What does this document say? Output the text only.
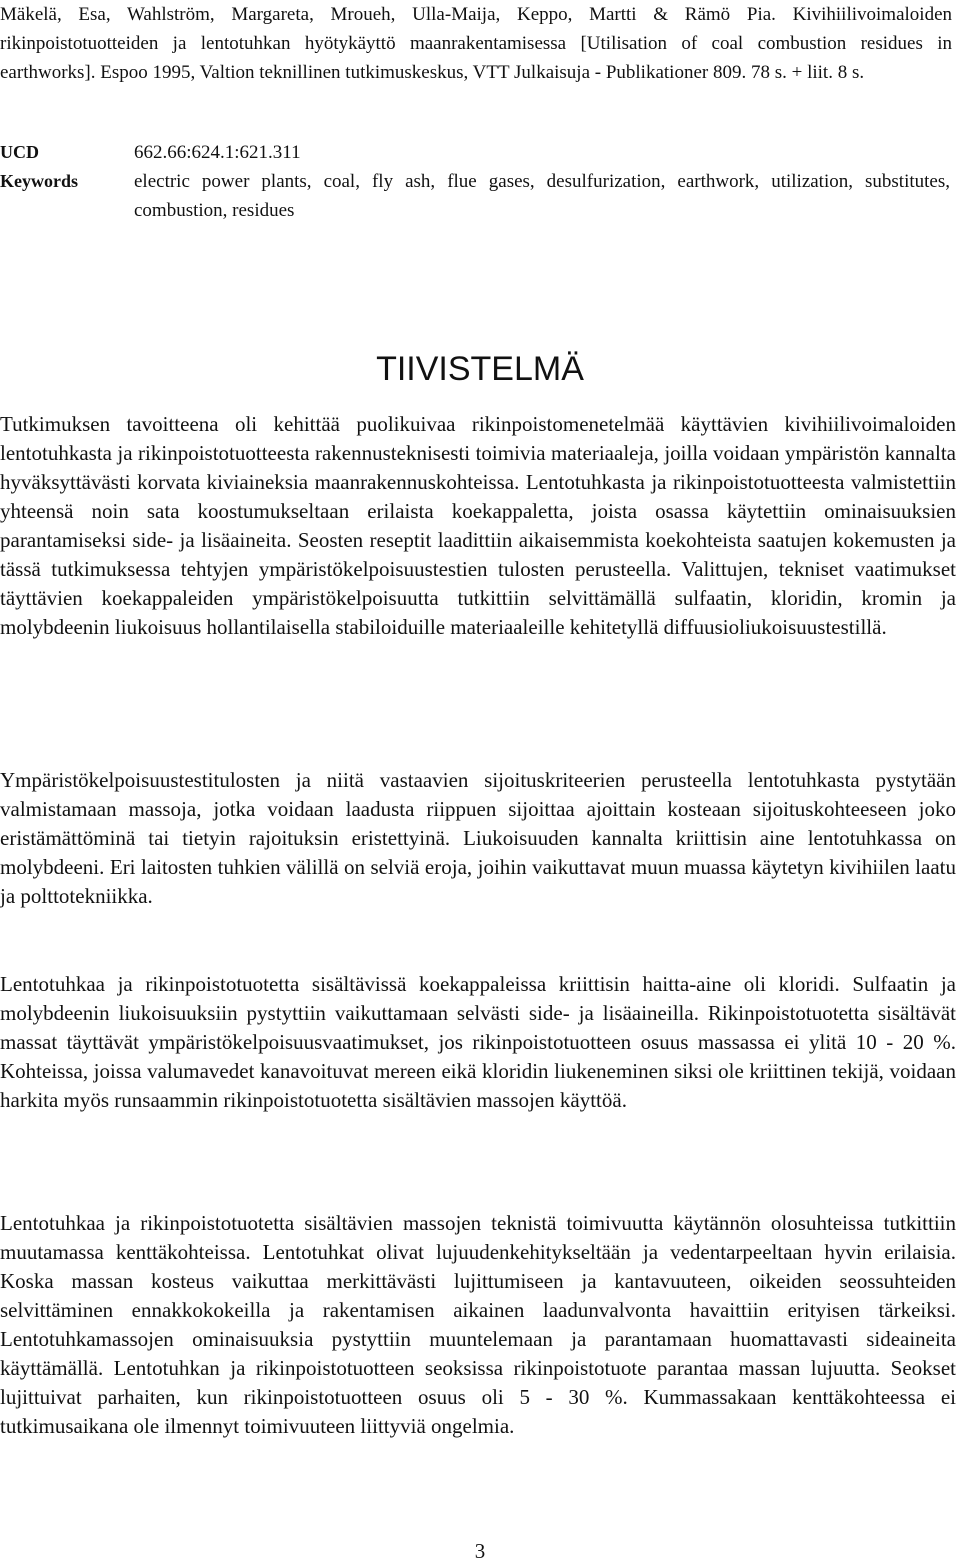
Mäkelä, Esa, Wahlström, Margareta, Mroueh, Ulla-Maija, Keppo, Martti & Rämö Pia. Kivihiilivoimaloiden rikinpoistotuotteiden ja lentotuhkan hyötykäyttö maanrakentamisessa [Utilisation of coal combustion residues in earthworks]. Espoo 1995, Valtion teknillinen tutkimuskeskus, VTT Julkaisuja - Publikationer 809. 78 s. + liit. 8 s.

UCD	662.66:624.1:621.311
Keywords	electric power plants, coal, fly ash, flue gases, desulfurization, earthwork, utilization, substitutes, combustion, residues
TIIVISTELMÄ

Tutkimuksen tavoitteena oli kehittää puolikuivaa rikinpoistomenetelmää käyttävien kivihiilivoimaloiden lentotuhkasta ja rikinpoistotuotteesta rakennusteknisesti toimivia materiaaleja, joilla voidaan ympäristön kannalta hyväksyttävästi korvata kiviaineksia maanrakennuskohteissa. Lentotuhkasta ja rikinpoistotuotteesta valmistettiin yhteensä noin sata koostumukseltaan erilaista koekappaletta, joista osassa käytettiin ominaisuuksien parantamiseksi side- ja lisäaineita. Seosten reseptit laadittiin aikaisemmista koekohteista saatujen kokemusten ja tässä tutkimuksessa tehtyjen ympäristökelpoisuustestien tulosten perusteella. Valittujen, tekniset vaatimukset täyttävien koekappaleiden ympäristökelpoisuutta tutkittiin selvittämällä sulfaatin, kloridin, kromin ja molybdeenin liukoisuus hollantilaisella stabiloiduille materiaaleille kehitetyllä diffuusioliukoisuustestillä.

Ympäristökelpoisuustestitulosten ja niitä vastaavien sijoituskriteerien perusteella lentotuhkasta pystytään valmistamaan massoja, jotka voidaan laadusta riippuen sijoittaa ajoittain kosteaan sijoituskohteeseen joko eristämättöminä tai tietyin rajoituksin eristettyinä. Liukoisuuden kannalta kriittisin aine lentotuhkassa on molybdeeni. Eri laitosten tuhkien välillä on selviä eroja, joihin vaikuttavat muun muassa käytetyn kivihiilen laatu ja polttotekniikka.

Lentotuhkaa ja rikinpoistotuotetta sisältävissä koekappaleissa kriittisin haitta-aine oli kloridi. Sulfaatin ja molybdeenin liukoisuuksiin pystyttiin vaikuttamaan selvästi side- ja lisäaineilla. Rikinpoistotuotetta sisältävät massat täyttävät ympäristökelpoisuusvaatimukset, jos rikinpoistotuotteen osuus massassa ei ylitä 10 - 20 %. Kohteissa, joissa valumavedet kanavoituvat mereen eikä kloridin liukeneminen siksi ole kriittinen tekijä, voidaan harkita myös runsaammin rikinpoistotuotetta sisältävien massojen käyttöä.

Lentotuhkaa ja rikinpoistotuotetta sisältävien massojen teknistä toimivuutta käytännön olosuhteissa tutkittiin muutamassa kenttäkohteissa. Lentotuhkat olivat lujuudenkehitykseltään ja vedentarpeeltaan hyvin erilaisia. Koska massan kosteus vaikuttaa merkittävästi lujittumiseen ja kantavuuteen, oikeiden seossuhteiden selvittäminen ennakkokokeilla ja rakentamisen aikainen laadunvalvonta havaittiin erityisen tärkeiksi. Lentotuhkamassojen ominaisuuksia pystyttiin muuntelemaan ja parantamaan huomattavasti sideaineita käyttämällä. Lentotuhkan ja rikinpoistotuotteen seoksissa rikinpoistotuote parantaa massan lujuutta. Seokset lujittuivat parhaiten, kun rikinpoistotuotteen osuus oli 5 - 30 %. Kummassakaan kenttäkohteessa ei tutkimusaikana ole ilmennyt toimivuuteen liittyviä ongelmia.

3
